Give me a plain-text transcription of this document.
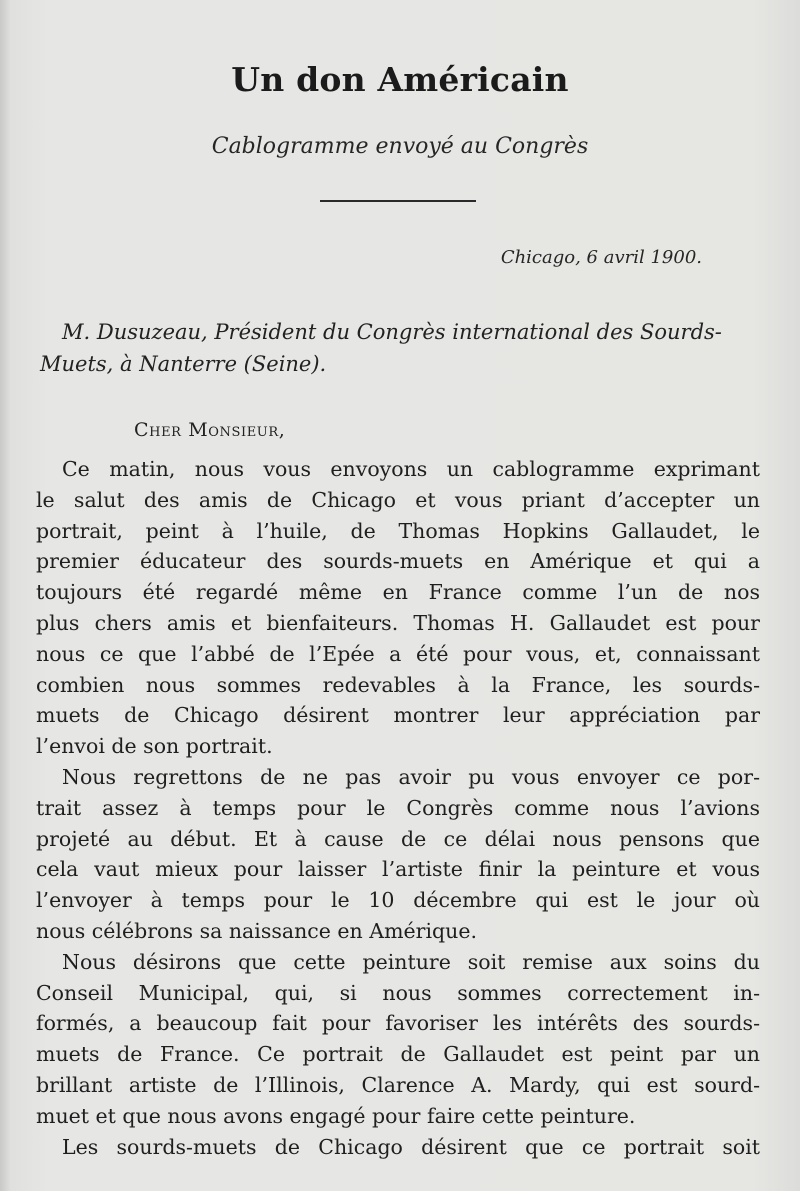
Un don Américain
Cablogramme envoyé au Congrès
Chicago, 6 avril 1900.
M. Dusuzeau, Président du Congrès international des Sourds-
Muets, à Nanterre (Seine).
Cher Monsieur,

Ce matin, nous vous envoyons un cablogramme exprimant
le salut des amis de Chicago et vous priant d’accepter un
portrait, peint à l’huile, de Thomas Hopkins Gallaudet, le
premier éducateur des sourds-muets en Amérique et qui a
toujours été regardé même en France comme l’un de nos
plus chers amis et bienfaiteurs. Thomas H. Gallaudet est pour
nous ce que l’abbé de l’Epée a été pour vous, et, connaissant
combien nous sommes redevables à la France, les sourds-
muets de Chicago désirent montrer leur appréciation par
l’envoi de son portrait.

Nous regrettons de ne pas avoir pu vous envoyer ce por-
trait assez à temps pour le Congrès comme nous l’avions
projeté au début. Et à cause de ce délai nous pensons que
cela vaut mieux pour laisser l’artiste finir la peinture et vous
l’envoyer à temps pour le 10 décembre qui est le jour où
nous célébrons sa naissance en Amérique.

Nous désirons que cette peinture soit remise aux soins du
Conseil Municipal, qui, si nous sommes correctement in-
formés, a beaucoup fait pour favoriser les intérêts des sourds-
muets de France. Ce portrait de Gallaudet est peint par un
brillant artiste de l’Illinois, Clarence A. Mardy, qui est sourd-
muet et que nous avons engagé pour faire cette peinture.

Les sourds-muets de Chicago désirent que ce portrait soit
